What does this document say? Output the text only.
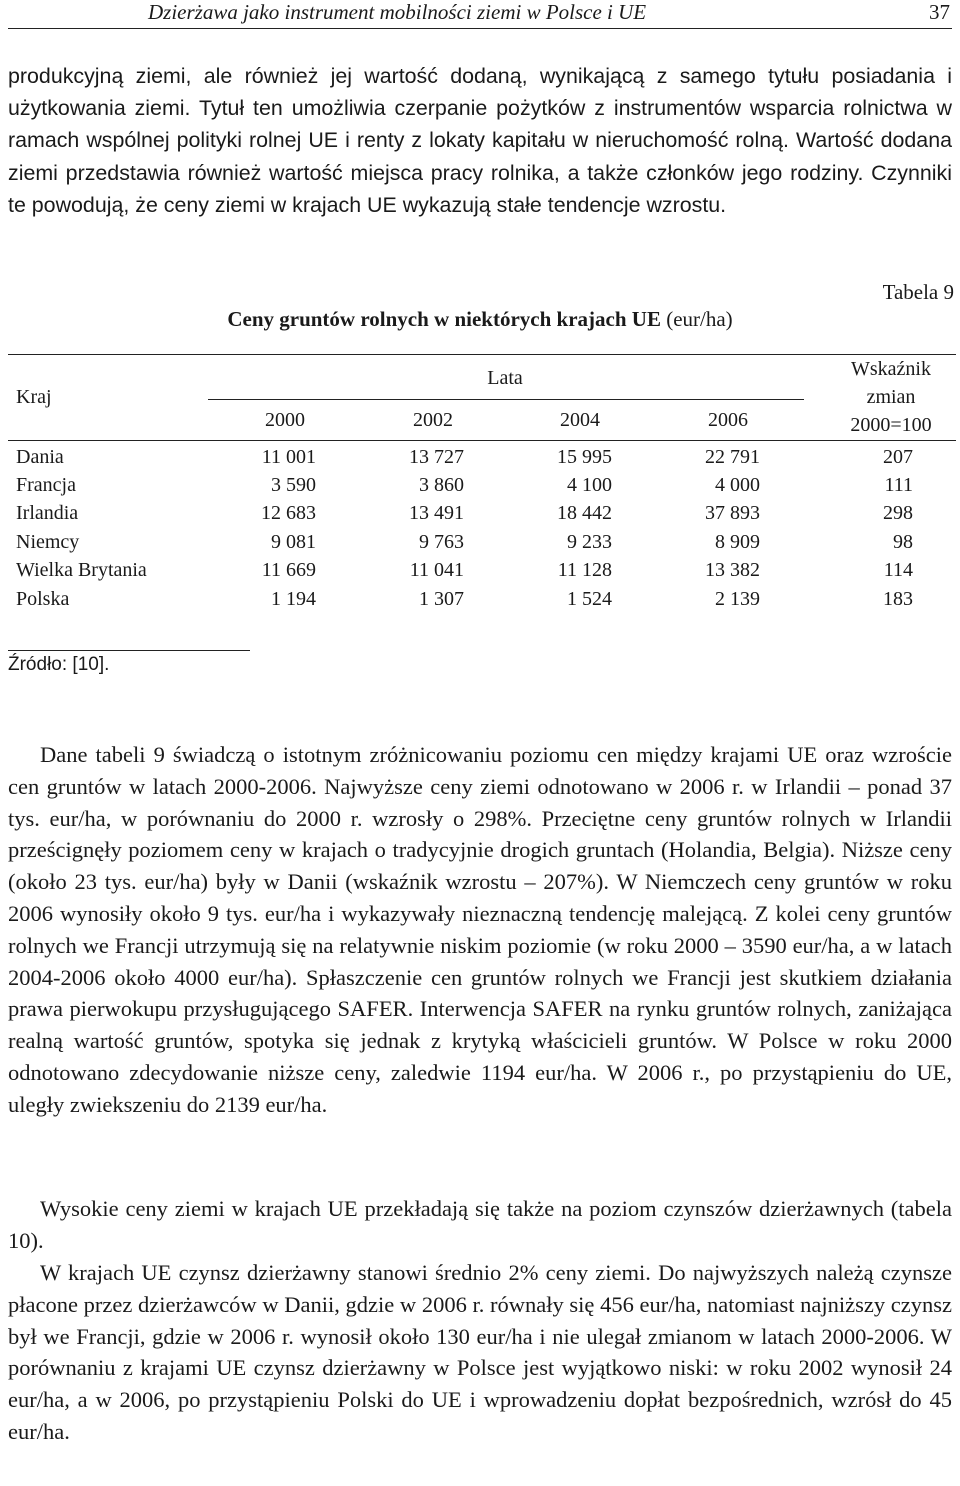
Dzierżawa jako instrument mobilności ziemi w Polsce i UE	37

produkcyjną ziemi, ale również jej wartość dodaną, wynikającą z samego tytułu posiadania i użytkowania ziemi. Tytuł ten umożliwia czerpanie pożytków z instrumentów wsparcia rolnictwa w ramach wspólnej polityki rolnej UE i renty z lokaty kapitału w nieruchomość rolną. Wartość dodana ziemi przedstawia również wartość miejsca pracy rolnika, a także członków jego rodziny. Czynniki te powodują, że ceny ziemi w krajach UE wykazują stałe tendencje wzrostu.

Tabela 9
Ceny gruntów rolnych w niektórych krajach UE (eur/ha)
Kraj
Lata
2000	2002	2004	2006
Wskaźnik
zmian
2000=100
Dania	11 001	13 727	15 995	22 791	207
Francja	3 590	3 860	4 100	4 000	111
Irlandia	12 683	13 491	18 442	37 893	298
Niemcy	9 081	9 763	9 233	8 909	98
Wielka Brytania	11 669	11 041	11 128	13 382	114
Polska	1 194	1 307	1 524	2 139	183
Źródło: [10].

Dane tabeli 9 świadczą o istotnym zróżnicowaniu poziomu cen między krajami UE oraz wzroście cen gruntów w latach 2000-2006. Najwyższe ceny ziemi odnotowano w 2006 r. w Irlandii – ponad 37 tys. eur/ha, w porównaniu do 2000 r. wzrosły o 298%. Przeciętne ceny gruntów rolnych w Irlandii prześcignęły poziomem ceny w krajach o tradycyjnie drogich gruntach (Holandia, Belgia). Niższe ceny (około 23 tys. eur/ha) były w Danii (wskaźnik wzrostu – 207%). W Niemczech ceny gruntów w roku 2006 wynosiły około 9 tys. eur/ha i wykazywały nieznaczną tendencję malejącą. Z kolei ceny gruntów rolnych we Francji utrzymują się na relatywnie niskim poziomie (w roku 2000 – 3590 eur/ha, a w latach 2004-2006 około 4000 eur/ha). Spłaszczenie cen gruntów rolnych we Francji jest skutkiem działania prawa pierwokupu przysługującego SAFER. Interwencja SAFER na rynku gruntów rolnych, zaniżająca realną wartość gruntów, spotyka się jednak z krytyką właścicieli gruntów. W Polsce w roku 2000 odnotowano zdecydowanie niższe ceny, zaledwie 1194 eur/ha. W 2006 r., po przystąpieniu do UE, uległy zwiekszeniu do 2139 eur/ha.

Wysokie ceny ziemi w krajach UE przekładają się także na poziom czynszów dzierżawnych (tabela 10).

W krajach UE czynsz dzierżawny stanowi średnio 2% ceny ziemi. Do najwyższych należą czynsze płacone przez dzierżawców w Danii, gdzie w 2006 r. równały się 456 eur/ha, natomiast najniższy czynsz był we Francji, gdzie w 2006 r. wynosił około 130 eur/ha i nie ulegał zmianom w latach 2000-2006. W porównaniu z krajami UE czynsz dzierżawny w Polsce jest wyjątkowo niski: w roku 2002 wynosił 24 eur/ha, a w 2006, po przystąpieniu Polski do UE i wprowadzeniu dopłat bezpośrednich, wzrósł do 45 eur/ha.
